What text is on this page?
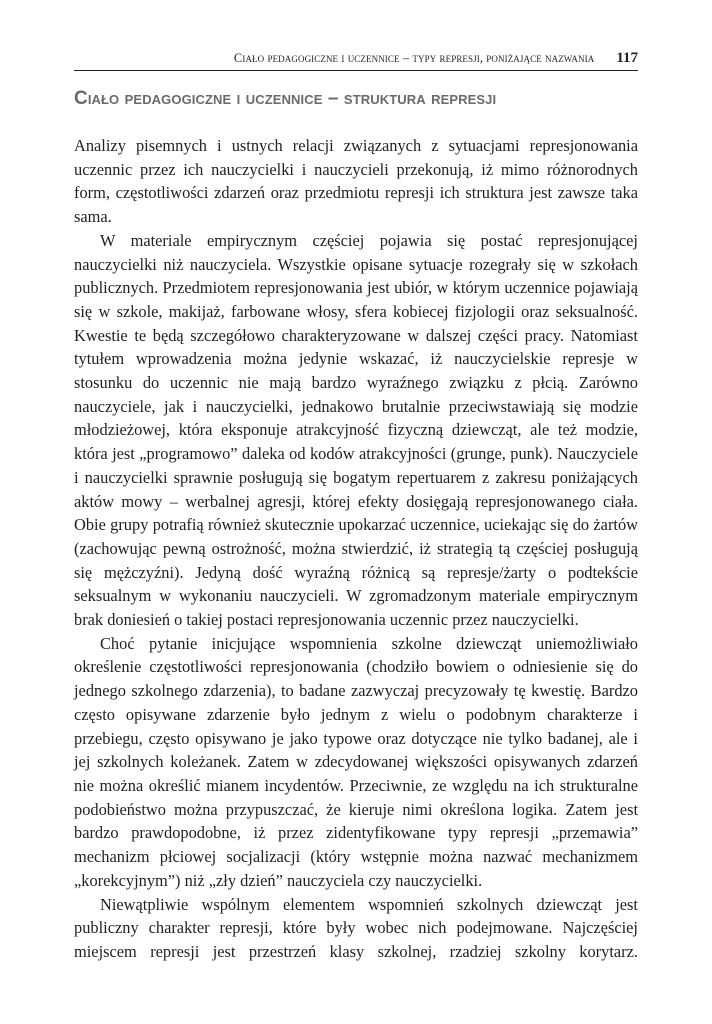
Ciało pedagogiczne i uczennice – typy represji, poniżające nazwania	117
Ciało pedagogiczne i uczennice – struktura represji

Analizy pisemnych i ustnych relacji związanych z sytuacjami represjonowania uczennic przez ich nauczycielki i nauczycieli przekonują, iż mimo różnorodnych form, częstotliwości zdarzeń oraz przedmiotu represji ich struktura jest zawsze taka sama.

W materiale empirycznym częściej pojawia się postać represjonującej nauczycielki niż nauczyciela. Wszystkie opisane sytuacje rozegrały się w szkołach publicznych. Przedmiotem represjonowania jest ubiór, w którym uczennice pojawiają się w szkole, makijaż, farbowane włosy, sfera kobiecej fizjologii oraz seksualność. Kwestie te będą szczegółowo charakteryzowane w dalszej części pracy. Natomiast tytułem wprowadzenia można jedynie wskazać, iż nauczycielskie represje w stosunku do uczennic nie mają bardzo wyraźnego związku z płcią. Zarówno nauczyciele, jak i nauczycielki, jednakowo brutalnie przeciwstawiają się modzie młodzieżowej, która eksponuje atrakcyjność fizyczną dziewcząt, ale też modzie, która jest „programowo” daleka od kodów atrakcyjności (grunge, punk). Nauczyciele i nauczycielki sprawnie posługują się bogatym repertuarem z zakresu poniżających aktów mowy – werbalnej agresji, której efekty dosięgają represjonowanego ciała. Obie grupy potrafią również skutecznie upokarzać uczennice, uciekając się do żartów (zachowując pewną ostrożność, można stwierdzić, iż strategią tą częściej posługują się mężczyźni). Jedyną dość wyraźną różnicą są represje/żarty o podtekście seksualnym w wykonaniu nauczycieli. W zgromadzonym materiale empirycznym brak doniesień o takiej postaci represjonowania uczennic przez nauczycielki.

Choć pytanie inicjujące wspomnienia szkolne dziewcząt uniemożliwiało określenie częstotliwości represjonowania (chodziło bowiem o odniesienie się do jednego szkolnego zdarzenia), to badane zazwyczaj precyzowały tę kwestię. Bardzo często opisywane zdarzenie było jednym z wielu o podobnym charakterze i przebiegu, często opisywano je jako typowe oraz dotyczące nie tylko badanej, ale i jej szkolnych koleżanek. Zatem w zdecydowanej większości opisywanych zdarzeń nie można określić mianem incydentów. Przeciwnie, ze względu na ich strukturalne podobieństwo można przypuszczać, że kieruje nimi określona logika. Zatem jest bardzo prawdopodobne, iż przez zidentyfikowane typy represji „przemawia” mechanizm płciowej socjalizacji (który wstępnie można nazwać mechanizmem „korekcyjnym”) niż „zły dzień” nauczyciela czy nauczycielki.

Niewątpliwie wspólnym elementem wspomnień szkolnych dziewcząt jest publiczny charakter represji, które były wobec nich podejmowane. Najczęściej miejscem represji jest przestrzeń klasy szkolnej, rzadziej szkolny korytarz.
